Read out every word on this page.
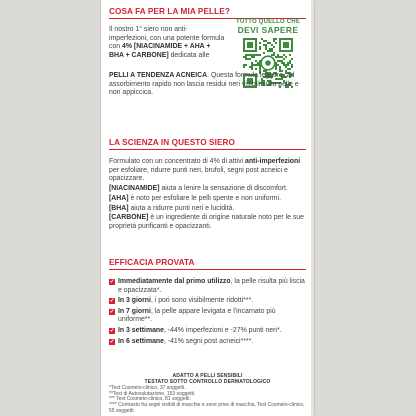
COSA FA PER LA MIA PELLE?
Il nostro 1° siero non anti-imperfezioni, con una potente formula con 4% [NIACINAMIDE + AHA + BHA + CARBONE] dedicata alle
TUTTO QUELLO CHE
DEVI SAPERE
PELLI A TENDENZA ACNEICA. Questa formula leggera, ad assorbimento rapido non lascia residui neri visibili sulla pelle e non appiccica.
LA SCIENZA IN QUESTO SIERO

Formulato con un concentrato di 4% di attivi anti-imperfezioni per esfoliare, ridurre punti neri, brufoli, segni post acneici e opacizzare.

[NIACINAMIDE] aiuta a lenire la sensazione di discomfort.

[AHA] è noto per esfoliare le pelli spente e non uniformi.

[BHA] aiuta a ridurre punti neri e lucidità.

[CARBONE] è un ingrediente di origine naturale noto per le sue proprietà purificanti e opacizzanti.

EFFICACIA PROVATA
✓ Immediatamente dal primo utilizzo, la pelle risulta più liscia e opacizzata*.
✓ In 3 giorni, i pori sono visibilmente ridotti***.
✓ In 7 giorni, la pelle appare levigata e l'incarnato più uniforme**.
✓ In 3 settimane, -44% imperfezioni e -27% punti neri*.
✓ In 6 settimane, -41% segni post acneici****.
ADATTO A PELLI SENSIBILI
TESTATO SOTTO CONTROLLO DERMATOLOGICO
*Test Cosmeto-clinico, 37 soggetti.
**Test di Autovalutazione, 153 soggetti.
*** Test Cosmeto-clinico, 81 soggetti.
**** Contrasto fra segni visibili di macchie e zone prive di macchia, Test Cosmeto-clinico, 55 soggetti.
